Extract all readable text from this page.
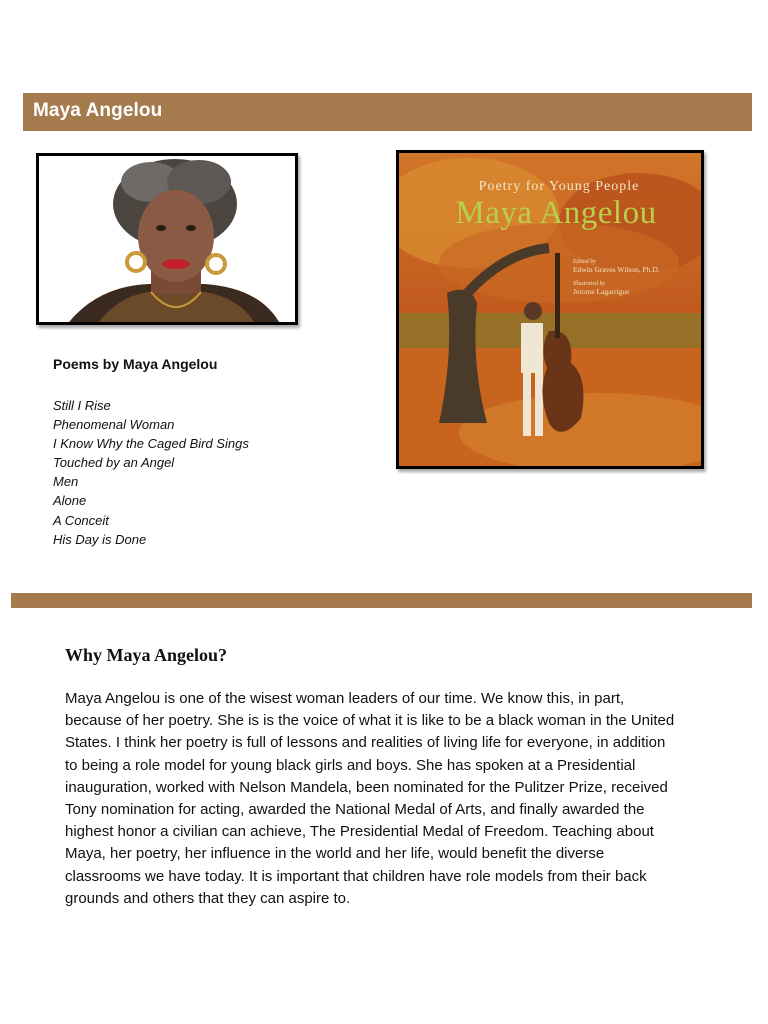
Maya Angelou
Poetry for Young People
Maya Angelou
Edited by
Edwin Graves Wilson, Ph.D.
Illustrated by
Jerome Lagarrigue
Poems by Maya Angelou
Still I Rise
Phenomenal Woman
I Know Why the Caged Bird Sings
Touched by an Angel
Men
Alone
A Conceit
His Day is Done
Why Maya Angelou?
Maya Angelou is one of the wisest woman leaders of our time. We know this, in part,
because of her poetry. She is is the voice of what it is like to be a black woman in the United
States. I think her poetry is full of lessons and realities of living life for everyone, in addition
to being a role model for young black girls and boys. She has spoken at a Presidential
inauguration, worked with Nelson Mandela, been nominated for the Pulitzer Prize, received
Tony nomination for acting, awarded the National Medal of Arts, and finally awarded the
highest honor a civilian can achieve, The Presidential Medal of Freedom. Teaching about
Maya, her poetry, her influence in the world and her life, would benefit the diverse
classrooms we have today. It is important that children have role models from their back
grounds and others that they can aspire to.
